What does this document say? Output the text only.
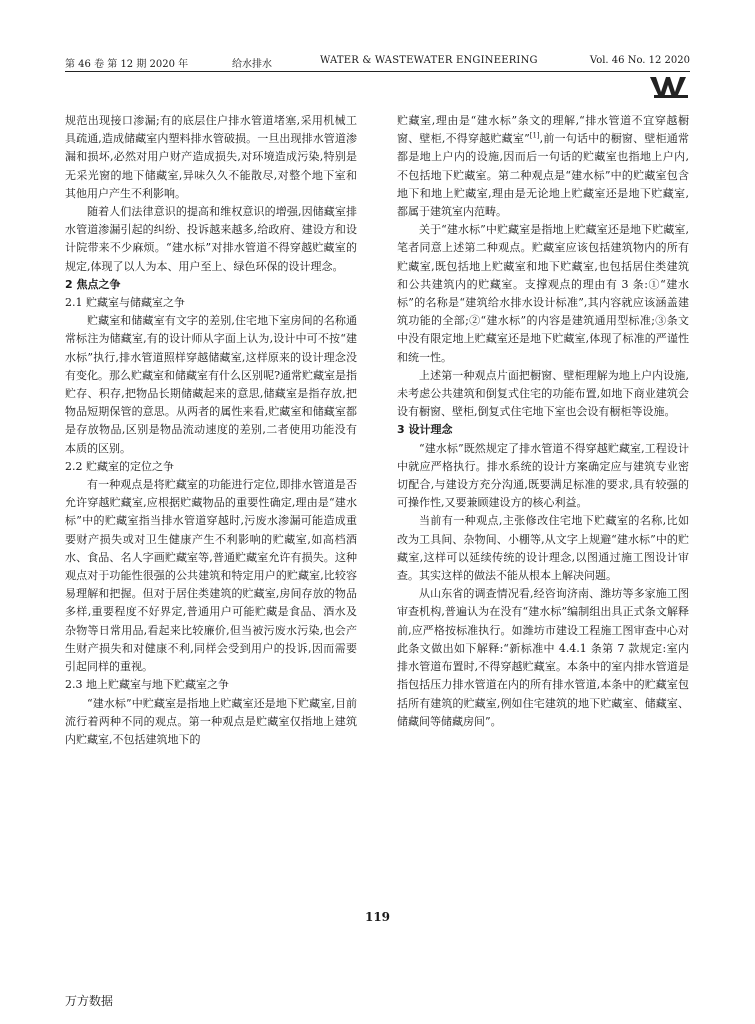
第 46 卷 第 12 期 2020 年	给水排水	WATER & WASTEWATER ENGINEERING	Vol. 46 No. 12 2020

规范出现接口渗漏;有的底层住户排水管道堵塞,采用机械工具疏通,造成储藏室内塑料排水管破损。一旦出现排水管道渗漏和损坏,必然对用户财产造成损失,对环境造成污染,特别是无采光窗的地下储藏室,异味久久不能散尽,对整个地下室和其他用户产生不利影响。

随着人们法律意识的提高和维权意识的增强,因储藏室排水管道渗漏引起的纠纷、投诉越来越多,给政府、建设方和设计院带来不少麻烦。“建水标”对排水管道不得穿越贮藏室的规定,体现了以人为本、用户至上、绿色环保的设计理念。

2 焦点之争
2.1 贮藏室与储藏室之争

贮藏室和储藏室有文字的差别,住宅地下室房间的名称通常标注为储藏室,有的设计师从字面上认为,设计中可不按“建水标”执行,排水管道照样穿越储藏室,这样原来的设计理念没有变化。那么贮藏室和储藏室有什么区别呢?通常贮藏室是指贮存、积存,把物品长期储藏起来的意思,储藏室是指存放,把物品短期保管的意思。从两者的属性来看,贮藏室和储藏室都是存放物品,区别是物品流动速度的差别,二者使用功能没有本质的区别。

2.2 贮藏室的定位之争

有一种观点是将贮藏室的功能进行定位,即排水管道是否允许穿越贮藏室,应根据贮藏物品的重要性确定,理由是“建水标”中的贮藏室指当排水管道穿越时,污废水渗漏可能造成重要财产损失或对卫生健康产生不利影响的贮藏室,如高档酒水、食品、名人字画贮藏室等,普通贮藏室允许有损失。这种观点对于功能性很强的公共建筑和特定用户的贮藏室,比较容易理解和把握。但对于居住类建筑的贮藏室,房间存放的物品多样,重要程度不好界定,普通用户可能贮藏是食品、酒水及杂物等日常用品,看起来比较廉价,但当被污废水污染,也会产生财产损失和对健康不利,同样会受到用户的投诉,因而需要引起同样的重视。

2.3 地上贮藏室与地下贮藏室之争

“建水标”中贮藏室是指地上贮藏室还是地下贮藏室,目前流行着两种不同的观点。第一种观点是贮藏室仅指地上建筑内贮藏室,不包括建筑地下的

贮藏室,理由是“建水标”条文的理解,“排水管道不宜穿越橱窗、壁柜,不得穿越贮藏室”[1],前一句话中的橱窗、壁柜通常都是地上户内的设施,因而后一句话的贮藏室也指地上户内,不包括地下贮藏室。第二种观点是“建水标”中的贮藏室包含地下和地上贮藏室,理由是无论地上贮藏室还是地下贮藏室,都属于建筑室内范畴。

关于“建水标”中贮藏室是指地上贮藏室还是地下贮藏室,笔者同意上述第二种观点。贮藏室应该包括建筑物内的所有贮藏室,既包括地上贮藏室和地下贮藏室,也包括居住类建筑和公共建筑内的贮藏室。支撑观点的理由有 3 条:①“建水标”的名称是“建筑给水排水设计标准”,其内容就应该涵盖建筑功能的全部;②“建水标”的内容是建筑通用型标准;③条文中没有限定地上贮藏室还是地下贮藏室,体现了标准的严谨性和统一性。

上述第一种观点片面把橱窗、壁柜理解为地上户内设施,未考虑公共建筑和倒复式住宅的功能布置,如地下商业建筑会设有橱窗、壁柜,倒复式住宅地下室也会设有橱柜等设施。

3 设计理念

“建水标”既然规定了排水管道不得穿越贮藏室,工程设计中就应严格执行。排水系统的设计方案确定应与建筑专业密切配合,与建设方充分沟通,既要满足标准的要求,具有较强的可操作性,又要兼顾建设方的核心利益。

当前有一种观点,主张修改住宅地下贮藏室的名称,比如改为工具间、杂物间、小棚等,从文字上规避“建水标”中的贮藏室,这样可以延续传统的设计理念,以图通过施工图设计审查。其实这样的做法不能从根本上解决问题。

从山东省的调查情况看,经咨询济南、潍坊等多家施工图审查机构,普遍认为在没有“建水标”编制组出具正式条文解释前,应严格按标准执行。如潍坊市建设工程施工图审查中心对此条文做出如下解释:“新标准中 4.4.1 条第 7 款规定:室内排水管道布置时,不得穿越贮藏室。本条中的室内排水管道是指包括压力排水管道在内的所有排水管道,本条中的贮藏室包括所有建筑的贮藏室,例如住宅建筑的地下贮藏室、储藏室、储藏间等储藏房间”。

119
万方数据
